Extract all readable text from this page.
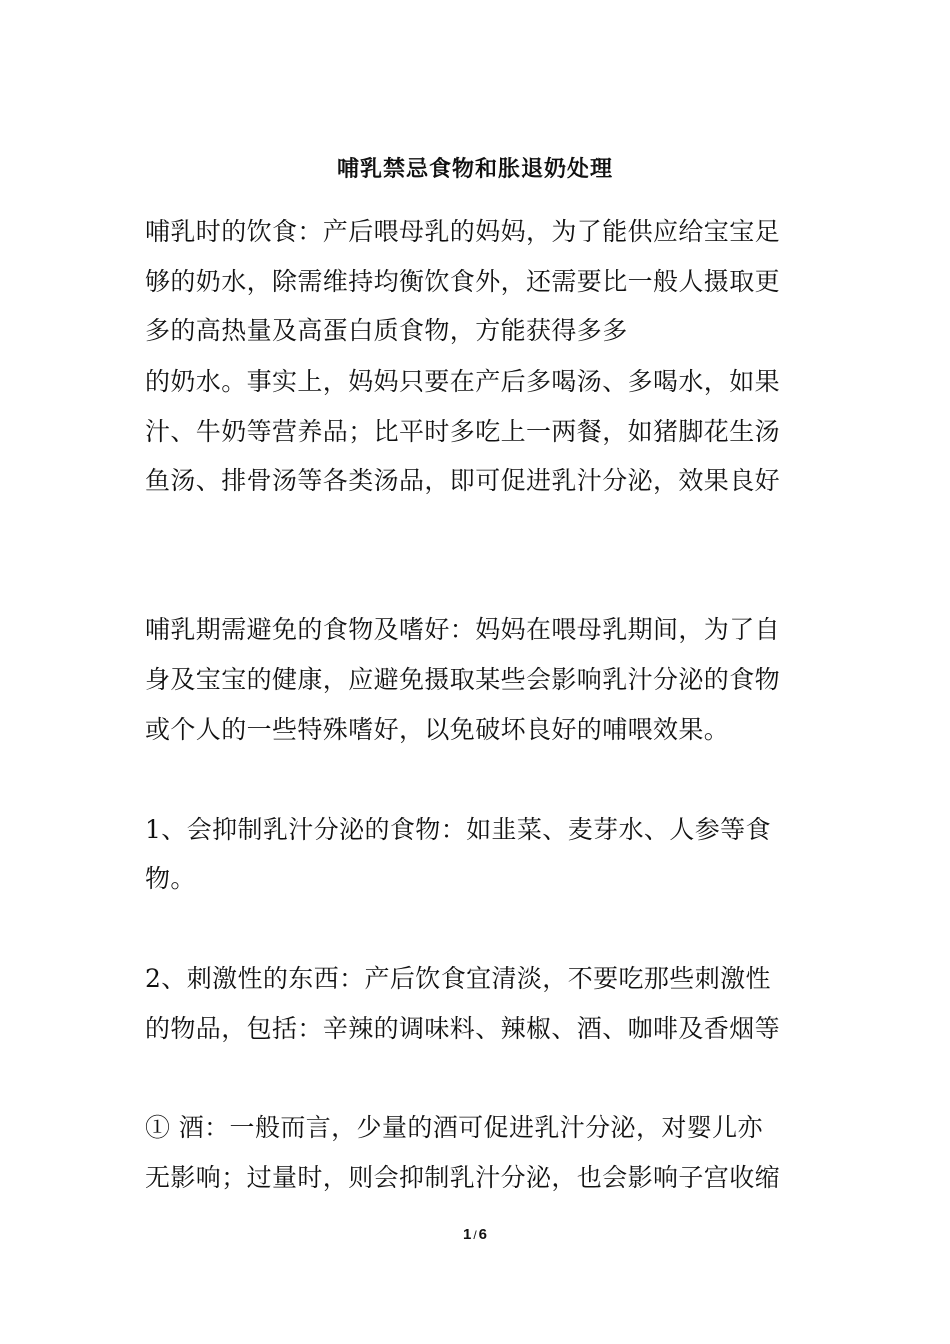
哺乳禁忌食物和胀退奶处理
哺乳时的饮食：产后喂母乳的妈妈，为了能供应给宝宝足
够的奶水，除需维持均衡饮食外，还需要比一般人摄取更
多的高热量及高蛋白质食物，方能获得多多
的奶水。事实上，妈妈只要在产后多喝汤、多喝水，如果
汁、牛奶等营养品；比平时多吃上一两餐，如猪脚花生汤
鱼汤、排骨汤等各类汤品，即可促进乳汁分泌，效果良好
哺乳期需避免的食物及嗜好：妈妈在喂母乳期间，为了自
身及宝宝的健康，应避免摄取某些会影响乳汁分泌的食物
或个人的一些特殊嗜好，以免破坏良好的哺喂效果。
1、会抑制乳汁分泌的食物：如韭菜、麦芽水、人参等食
物。
2、刺激性的东西：产后饮食宜清淡，不要吃那些刺激性
的物品，包括：辛辣的调味料、辣椒、酒、咖啡及香烟等
① 酒：一般而言，少量的酒可促进乳汁分泌，对婴儿亦
无影响；过量时，则会抑制乳汁分泌，也会影响子宫收缩
1 / 6
